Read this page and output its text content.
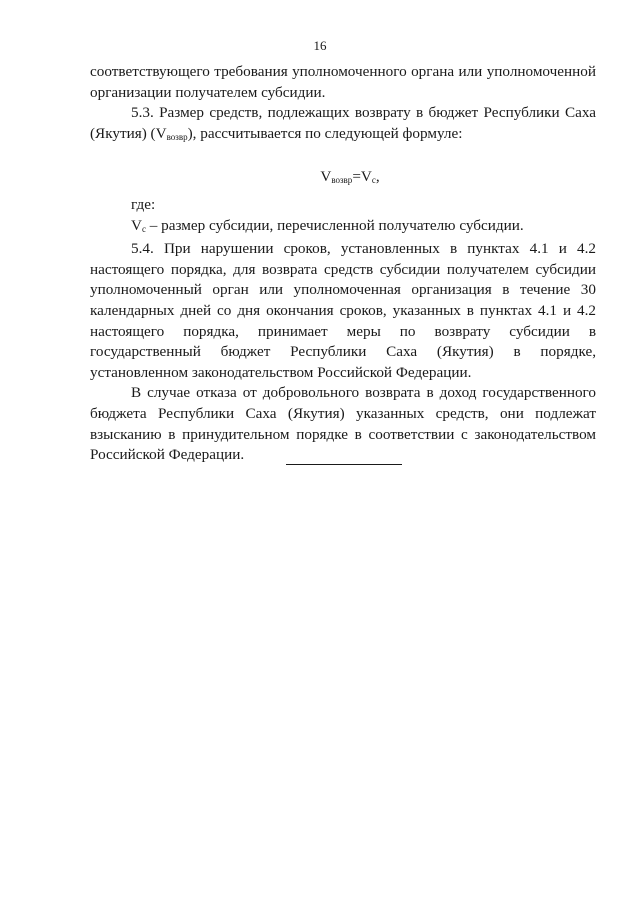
16

соответствующего требования уполномоченного органа или уполномоченной организации получателем субсидии.

5.3. Размер средств, подлежащих возврату в бюджет Республики Саха (Якутия) $(V_{возвр})$, рассчитывается по следующей формуле:

$V_{возвр}=V_c$,

где:

$V_c$ – размер субсидии, перечисленной получателю субсидии.

5.4. При нарушении сроков, установленных в пунктах 4.1 и 4.2 настоящего порядка, для возврата средств субсидии получателем субсидии уполномоченный орган или уполномоченная организация в течение 30 календарных дней со дня окончания сроков, указанных в пунктах 4.1 и 4.2 настоящего порядка, принимает меры по возврату субсидии в государственный бюджет Республики Саха (Якутия) в порядке, установленном законодательством Российской Федерации.

В случае отказа от добровольного возврата в доход государственного бюджета Республики Саха (Якутия) указанных средств, они подлежат взысканию в принудительном порядке в соответствии с законодательством Российской Федерации.
